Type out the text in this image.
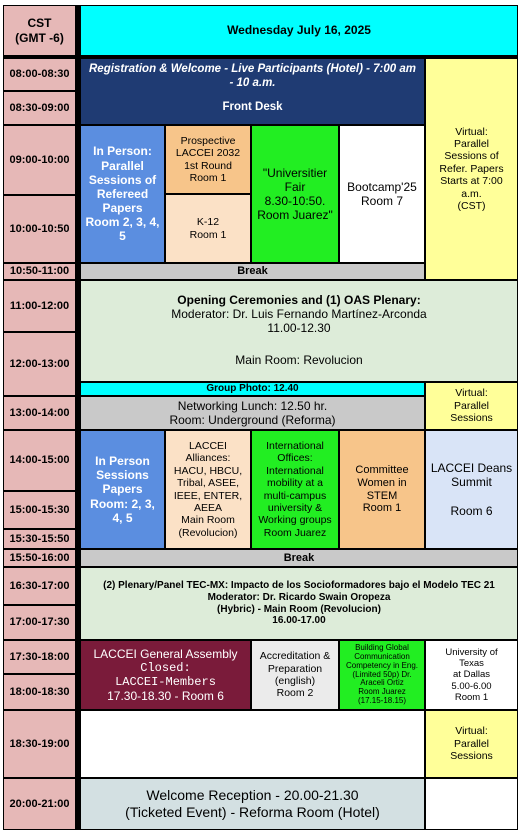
CST
(GMT -6)
Wednesday July 16, 2025
08:00-08:30
08:30-09:00
09:00-10:00
10:00-10:50
10:50-11:00
11:00-12:00
12:00-13:00
13:00-14:00
14:00-15:00
15:00-15:30
15:30-15:50
15:50-16:00
16:30-17:00
17:00-17:30
17:30-18:00
18:00-18:30
18:30-19:00
20:00-21:00
Registration & Welcome - Live Participants (Hotel) - 7:00 am
- 10 a.m.
Front Desk
Virtual:
Parallel
Sessions of
Refer. Papers
Starts at 7:00
a.m.
(CST)
In Person:
Parallel
Sessions of
Refereed
Papers
Room 2, 3, 4,
5
Prospective
LACCEI 2032
1st Round
Room 1
K-12
Room 1
"Universitier
Fair
8.30-10:50.
Room Juarez"
Bootcamp'25
Room 7
Break
Opening Ceremonies and (1) OAS Plenary:
Moderator: Dr. Luis Fernando Martínez-Arconda
11.00-12.30
Main Room: Revolucion
Group Photo: 12.40	Virtual:
Parallel
Sessions
Networking Lunch: 12.50 hr.
Room: Underground (Reforma)
In Person
Sessions
Papers
Room: 2, 3,
4, 5
LACCEI
Alliances:
HACU, HBCU,
Tribal, ASEE,
IEEE, ENTER,
AEEA
Main Room
(Revolucion)
International
Offices:
International
mobility at a
multi-campus
university &
Working groups
Room Juarez
Committee
Women in
STEM
Room 1
LACCEI Deans
Summit
Room 6
Break
(2) Plenary/Panel TEC-MX: Impacto de los Socioformadores bajo el Modelo TEC 21
Moderator: Dr. Ricardo Swain Oropeza
(Hybric) - Main Room (Revolucion)
16.00-17.00
LACCEI General Assembly
Closed:
LACCEI-Members
17.30-18.30 - Room 6
Accreditation &
Preparation
(english)
Room 2
Building Global
Communication
Competency in Eng.
(Limited 50p) Dr.
Araceli Ortiz
Room Juarez
(17.15-18.15)
University of
Texas
at Dallas
5.00-6.00
Room 1
Virtual:
Parallel
Sessions
Welcome Reception - 20.00-21.30
(Ticketed Event) - Reforma Room (Hotel)
